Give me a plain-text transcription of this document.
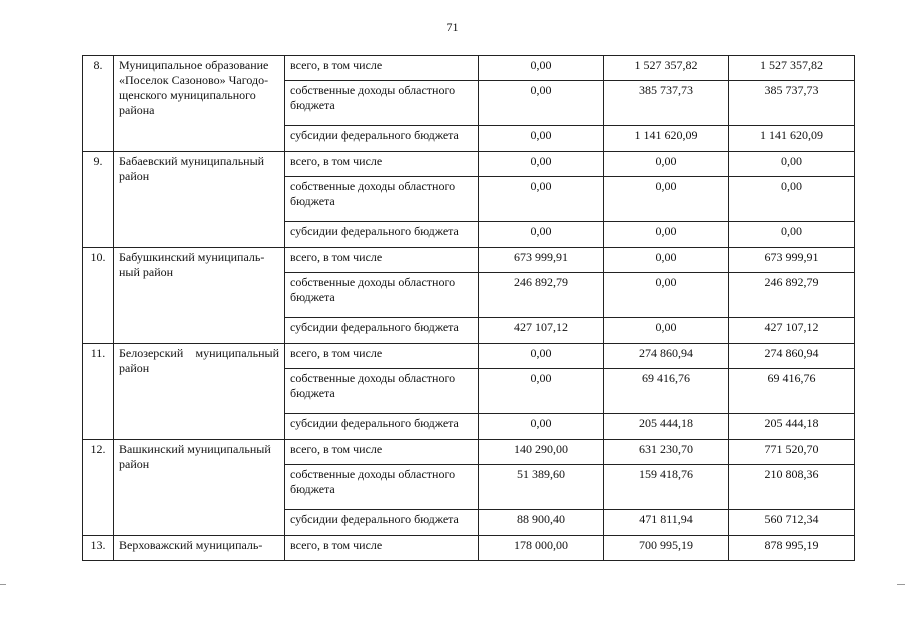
71
8.	Муниципальное образование «Поселок Сазоново» Чагодо-щенского муниципального района	всего, в том числе	0,00	1 527 357,82	1 527 357,82
		собственные доходы областного бюджета	0,00	385 737,73	385 737,73
		субсидии федерального бюджета	0,00	1 141 620,09	1 141 620,09
9.	Бабаевский муниципальный район	всего, в том числе	0,00	0,00	0,00
		собственные доходы областного бюджета	0,00	0,00	0,00
		субсидии федерального бюджета	0,00	0,00	0,00
10.	Бабушкинский муниципаль-ный район	всего, в том числе	673 999,91	0,00	673 999,91
		собственные доходы областного бюджета	246 892,79	0,00	246 892,79
		субсидии федерального бюджета	427 107,12	0,00	427 107,12
11.	Белозерский муниципальный район	всего, в том числе	0,00	274 860,94	274 860,94
		собственные доходы областного бюджета	0,00	69 416,76	69 416,76
		субсидии федерального бюджета	0,00	205 444,18	205 444,18
12.	Вашкинский муниципальный район	всего, в том числе	140 290,00	631 230,70	771 520,70
		собственные доходы областного бюджета	51 389,60	159 418,76	210 808,36
		субсидии федерального бюджета	88 900,40	471 811,94	560 712,34
13.	Верховажский муниципаль-	всего, в том числе	178 000,00	700 995,19	878 995,19
